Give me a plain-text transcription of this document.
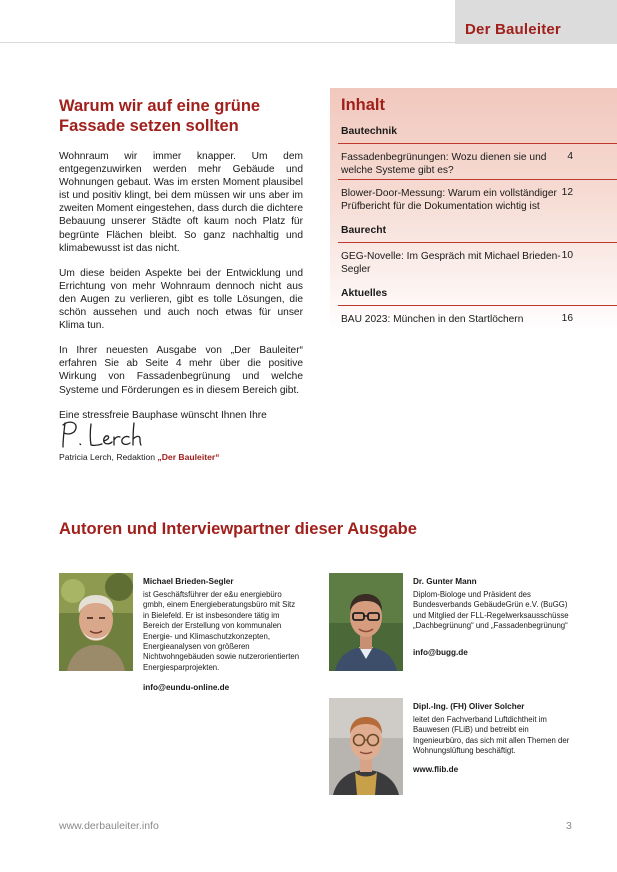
Der Bauleiter
Warum wir auf eine grüne Fassade setzen sollten

Wohnraum wir immer knapper. Um dem entgegenzuwirken werden mehr Gebäude und Wohnungen gebaut. Was im ersten Moment plausibel ist und positiv klingt, bei dem müssen wir uns aber im zweiten Moment eingestehen, dass durch die dichtere Bebauung unserer Städte oft kaum noch Platz für begrünte Flächen bleibt. So ganz nachhaltig und klimabewusst ist das nicht.

Um diese beiden Aspekte bei der Entwicklung und Errichtung von mehr Wohnraum dennoch nicht aus den Augen zu verlieren, gibt es tolle Lösungen, die schön aussehen und auch noch etwas für unser Klima tun.

In Ihrer neuesten Ausgabe von „Der Bauleiter“ erfahren Sie ab Seite 4 mehr über die positive Wirkung von Fassadenbegrünung und welche Systeme und Förderungen es in diesem Bereich gibt.

Eine stressfreie Bauphase wünscht Ihnen Ihre

Patricia Lerch, Redaktion „Der Bauleiter“
Inhalt
Bautechnik
Fassadenbegrünungen: Wozu dienen sie und welche Systeme gibt es?
4
Blower-Door-Messung: Warum ein vollständiger Prüfbericht für die Dokumentation wichtig ist
12
Baurecht
GEG-Novelle: Im Gespräch mit Michael Brieden-Segler
10
Aktuelles
BAU 2023: München in den Startlöchern	16
Autoren und Interviewpartner dieser Ausgabe
Michael Brieden-Segler
ist Geschäftsführer der e&u energiebüro gmbh, einem Energieberatungsbüro mit Sitz in Bielefeld. Er ist insbesondere tätig im Bereich der Erstellung von kommunalen Energie- und Klimaschutzkonzepten, Energieanalysen von größeren Nichtwohngebäuden sowie nutzerorientierten Energiesparprojekten.
info@eundu-online.de
Dr. Gunter Mann
Diplom-Biologe und Präsident des Bundesverbands GebäudeGrün e.V. (BuGG) und Mitglied der FLL-Regelwerksausschüsse „Dachbegrünung“ und „Fassadenbegrünung“
info@bugg.de
Dipl.-Ing. (FH) Oliver Solcher
leitet den Fachverband Luftdichtheit im Bauwesen (FLiB) und betreibt ein Ingenieurbüro, das sich mit allen Themen der Wohnungslüftung beschäftigt.
www.flib.de
www.derbauleiter.info	3
